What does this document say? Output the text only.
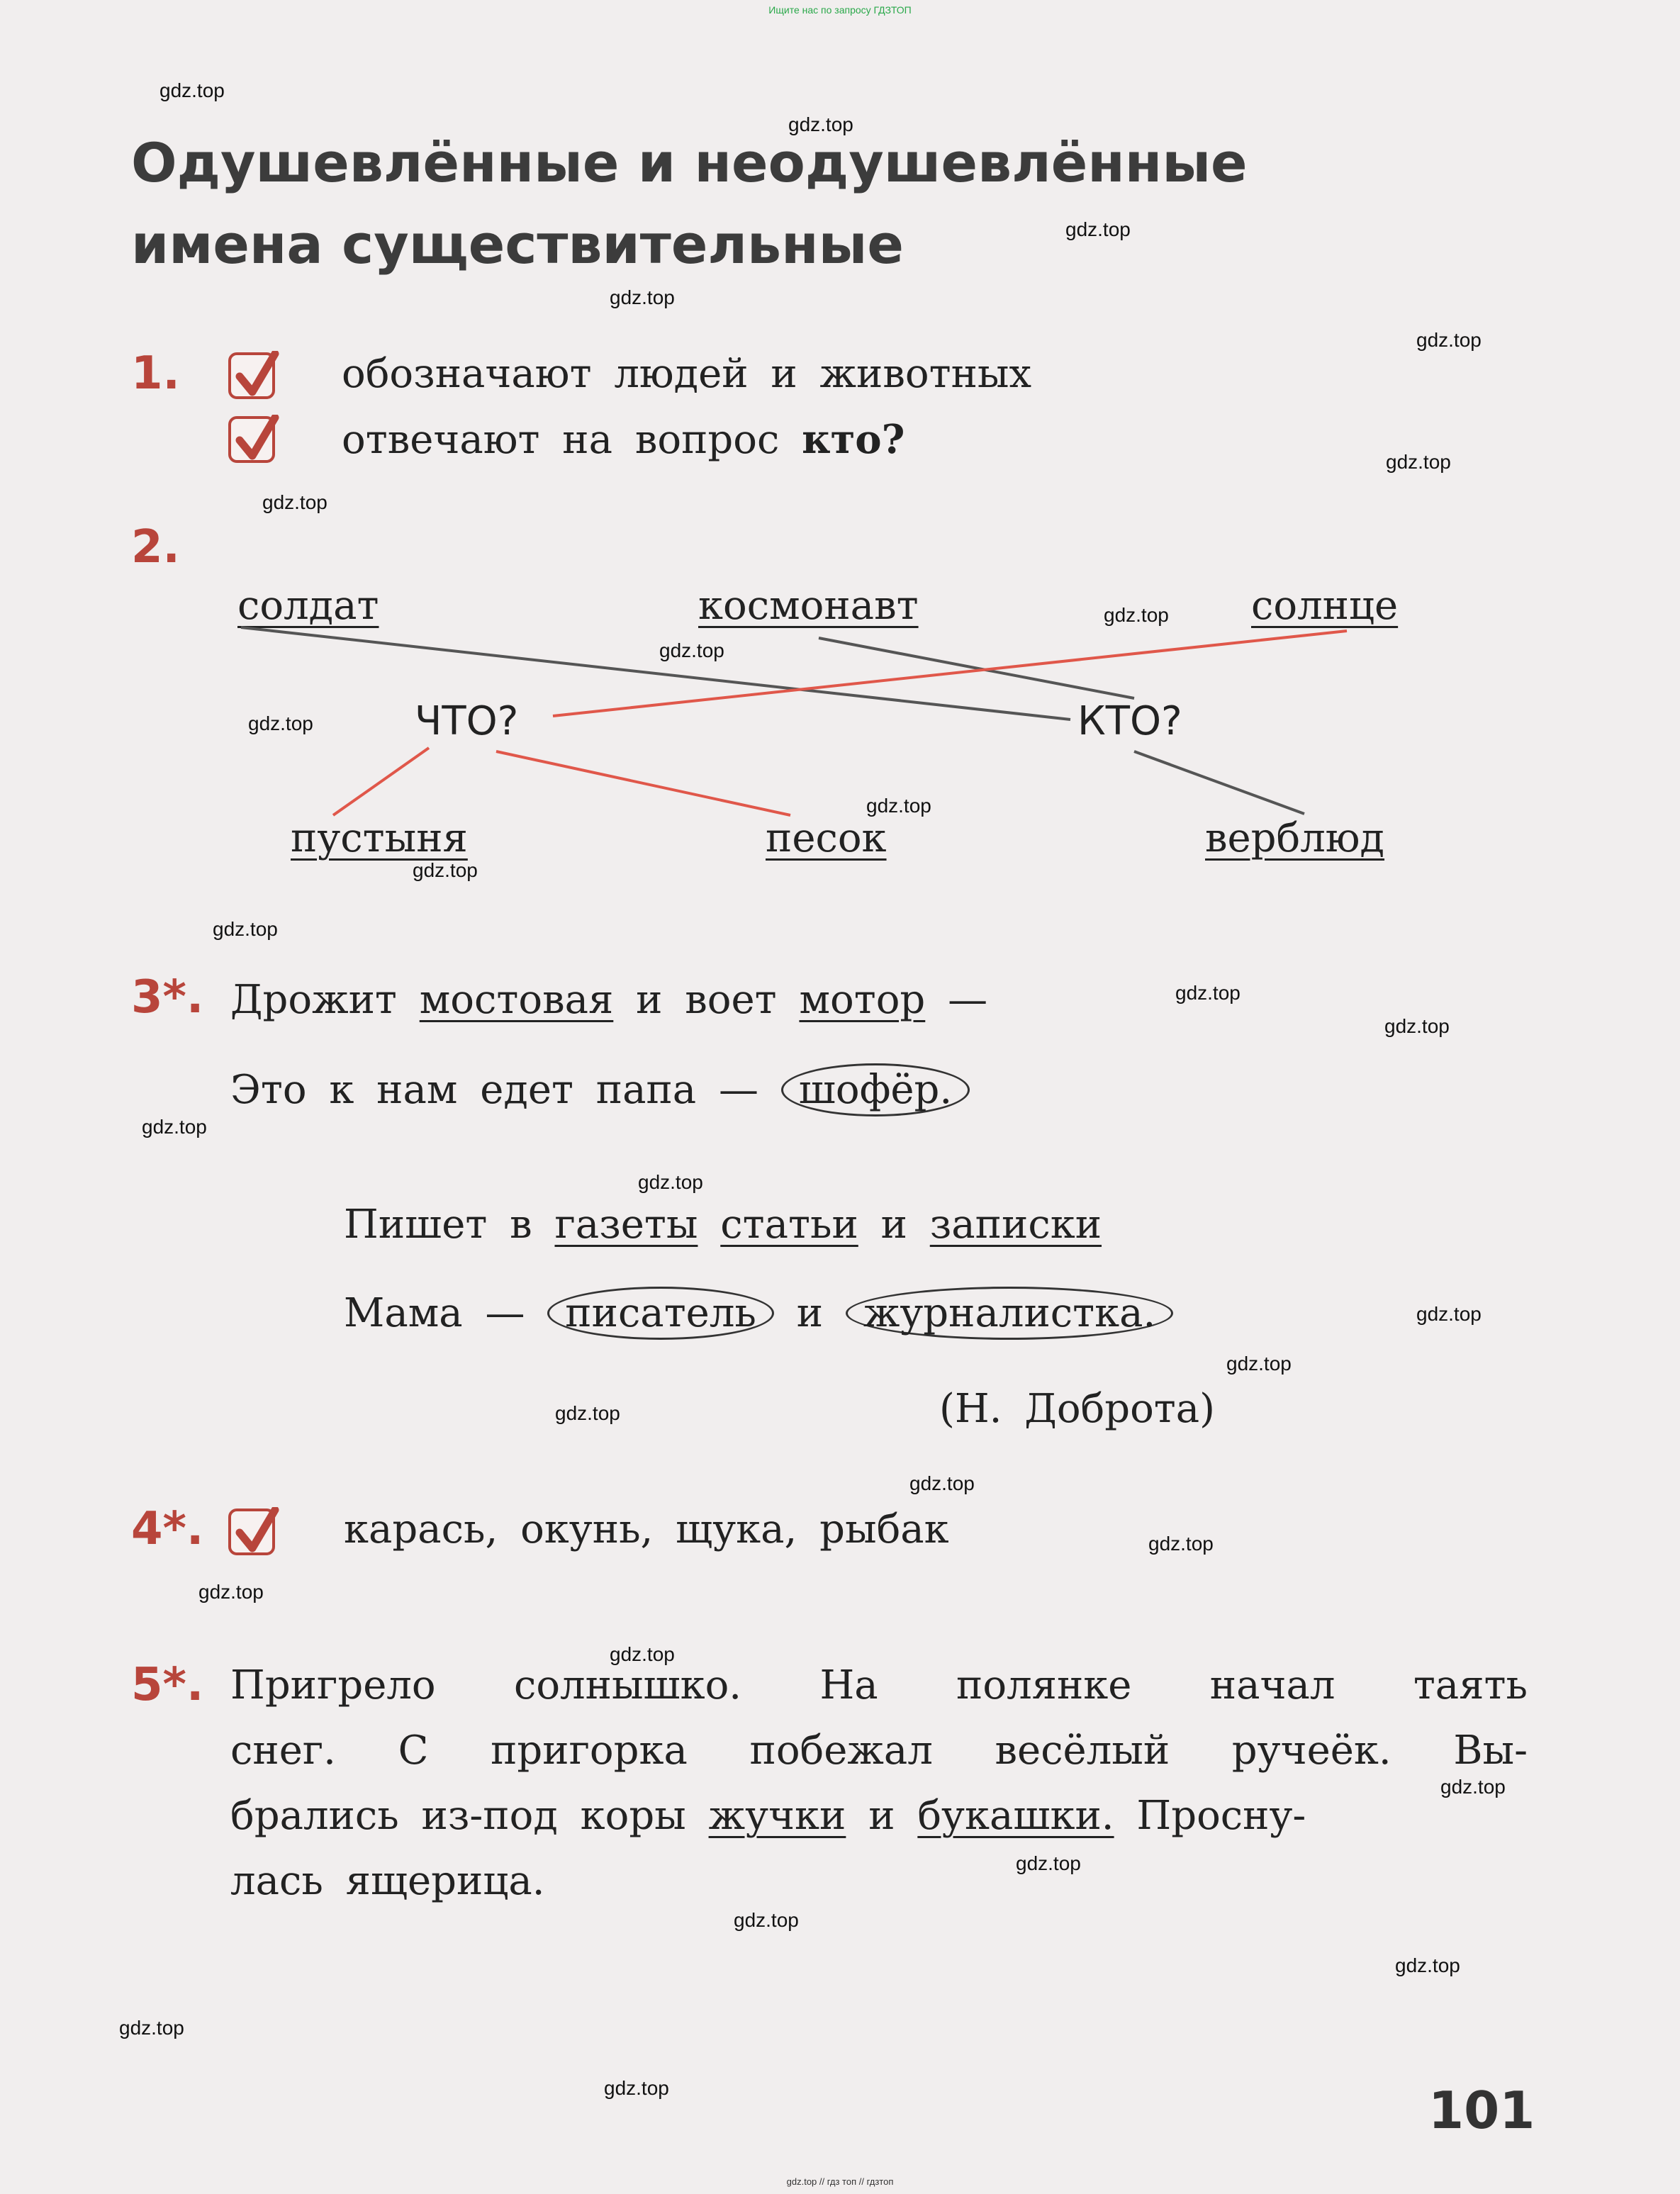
Ищите нас по запросу ГДЗТОП
Одушевлённые и неодушевлённые
имена существительные
1.	обозначают людей и животных
отвечают на вопрос кто?
2.
солдат	космонавт	солнце
ЧТО?	КТО?
пустыня	песок	верблюд
3*. Дрожит мостовая и воет мотор —
Это к нам едет папа — шофёр.
Пишет в газеты статьи и записки
Мама — писатель и журналистка.
(Н. Доброта)
4*.	карась, окунь, щука, рыбак
5*. Пригрело солнышко. На полянке начал таять
снег. С пригорка побежал весёлый ручеёк. Вы-
брались из-под коры жучки и букашки. Просну-
лась ящерица.
101
gdz.top
gdz.top
gdz.top
gdz.top
gdz.top
gdz.top
gdz.top
gdz.top
gdz.top
gdz.top
gdz.top
gdz.top
gdz.top
gdz.top
gdz.top
gdz.top
gdz.top
gdz.top
gdz.top
gdz.top
gdz.top
gdz.top
gdz.top
gdz.top
gdz.top
gdz.top
gdz.top
gdz.top
gdz.top
gdz.top
gdz.top // гдз топ // гдзтоп
